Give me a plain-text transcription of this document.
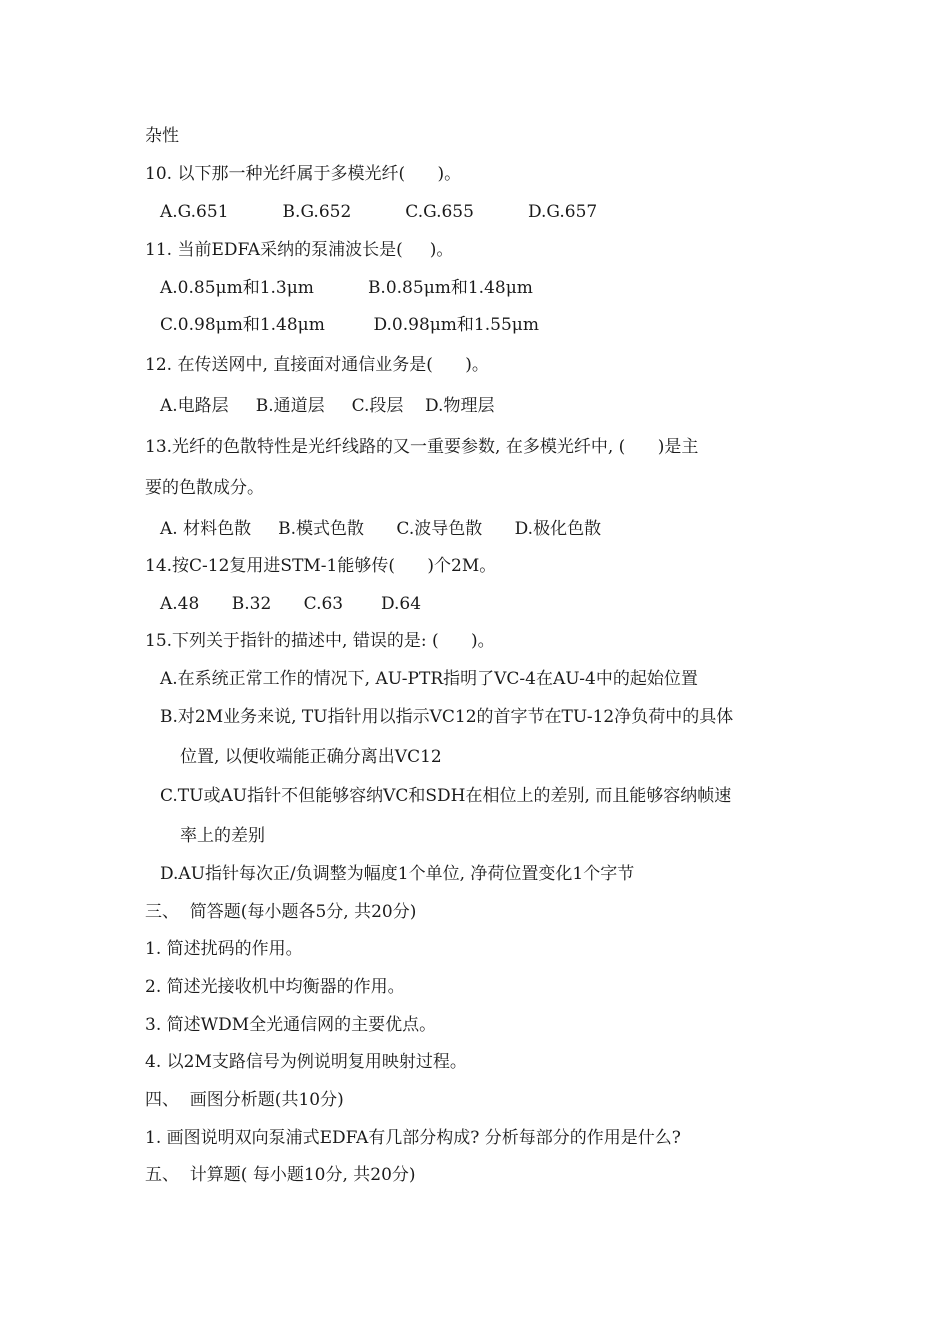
杂性
10. 以下那一种光纤属于多模光纤(      )。
A.G.651          B.G.652          C.G.655          D.G.657
11. 当前EDFA采纳的泵浦波长是(     )。
A.0.85μm和1.3μm          B.0.85μm和1.48μm
C.0.98μm和1.48μm         D.0.98μm和1.55μm
12. 在传送网中, 直接面对通信业务是(      )。
A.电路层     B.通道层     C.段层    D.物理层
13.光纤的色散特性是光纤线路的又一重要参数, 在多模光纤中, (      )是主
要的色散成分。
A. 材料色散     B.模式色散      C.波导色散      D.极化色散
14.按C-12复用进STM-1能够传(      )个2M。
A.48      B.32      C.63       D.64
15.下列关于指针的描述中, 错误的是: (      )。
A.在系统正常工作的情况下, AU-PTR指明了VC-4在AU-4中的起始位置
B.对2M业务来说, TU指针用以指示VC12的首字节在TU-12净负荷中的具体
位置, 以便收端能正确分离出VC12
C.TU或AU指针不但能够容纳VC和SDH在相位上的差别, 而且能够容纳帧速
率上的差别
D.AU指针每次正/负调整为幅度1个单位, 净荷位置变化1个字节
三、  简答题(每小题各5分, 共20分)
1. 简述扰码的作用。
2. 简述光接收机中均衡器的作用。
3. 简述WDM全光通信网的主要优点。
4. 以2M支路信号为例说明复用映射过程。
四、  画图分析题(共10分)
1. 画图说明双向泵浦式EDFA有几部分构成? 分析每部分的作用是什么?
五、  计算题( 每小题10分, 共20分)
